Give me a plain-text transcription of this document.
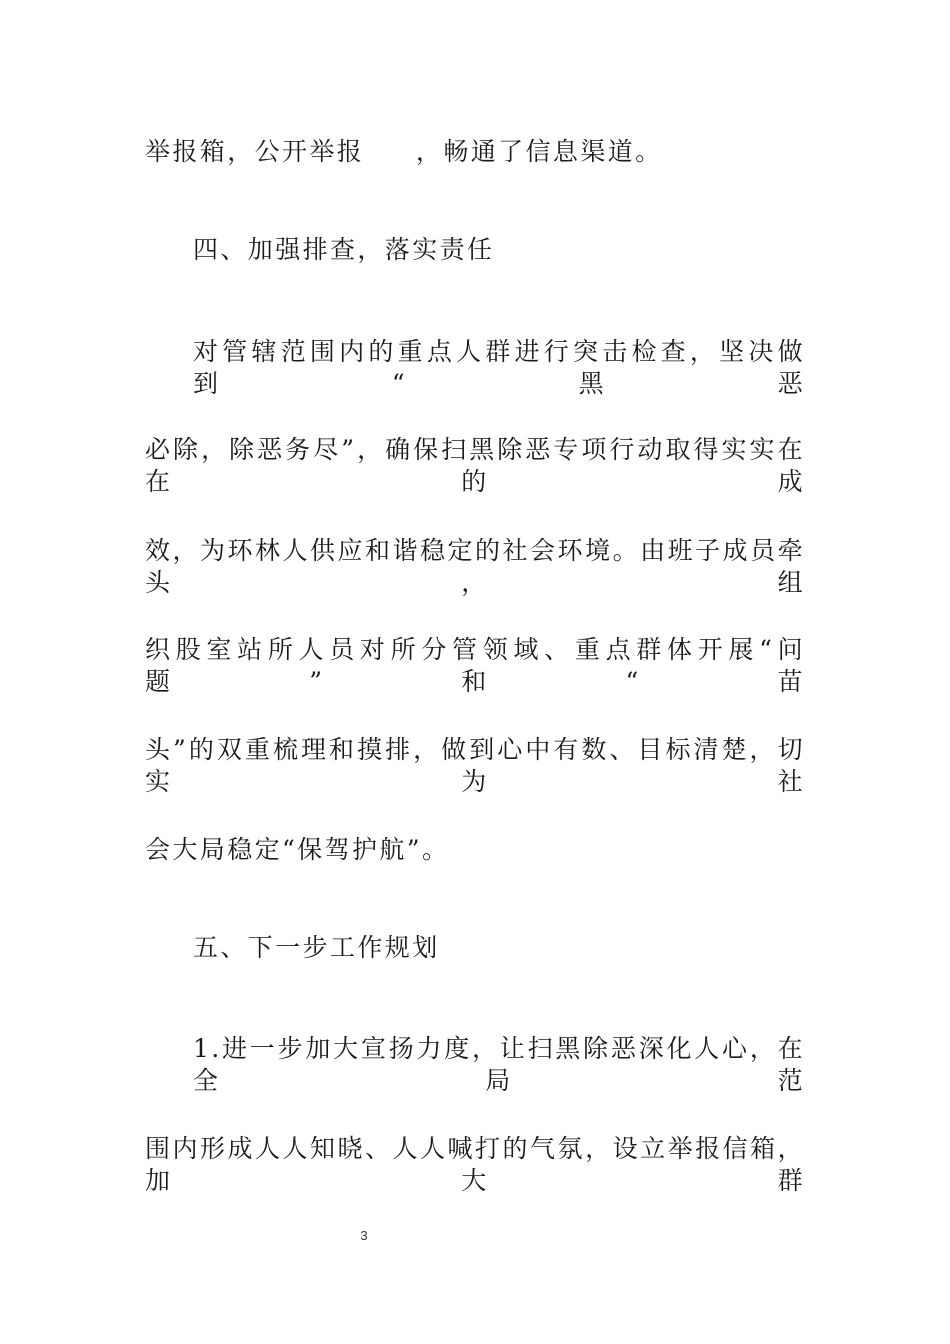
举报箱，公开举报     ，畅通了信息渠道。
四、加强排查，落实责任
对管辖范围内的重点人群进行突击检查，坚决做到“黑恶
必除，除恶务尽”，确保扫黑除恶专项行动取得实实在在的成
效，为环林人供应和谐稳定的社会环境。由班子成员牵头，组
织股室站所人员对所分管领域、重点群体开展“问题”和“苗
头”的双重梳理和摸排，做到心中有数、目标清楚，切实为社
会大局稳定“保驾护航”。
五、下一步工作规划
1.进一步加大宣扬力度，让扫黑除恶深化人心，在全局范
围内形成人人知晓、人人喊打的气氛，设立举报信箱，加大群
3
